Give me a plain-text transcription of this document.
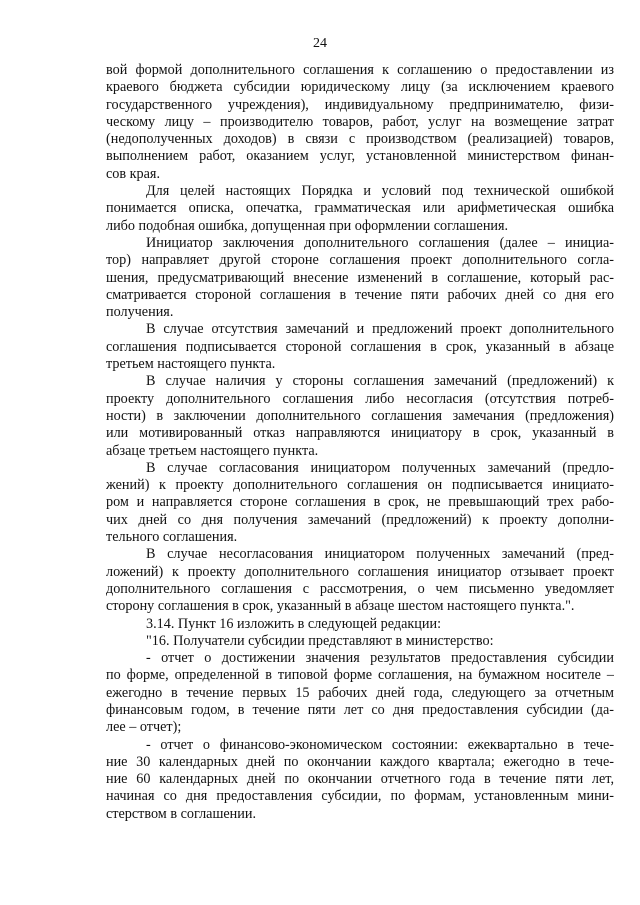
24
вой формой дополнительного соглашения к соглашению о предоставлении из
краевого бюджета субсидии юридическому лицу (за исключением краевого
государственного учреждения), индивидуальному предпринимателю, физи-
ческому лицу – производителю товаров, работ, услуг на возмещение затрат
(недополученных доходов) в связи с производством (реализацией) товаров,
выполнением работ, оказанием услуг, установленной министерством финан-
сов края.
Для целей настоящих Порядка и условий под технической ошибкой
понимается описка, опечатка, грамматическая или арифметическая ошибка
либо подобная ошибка, допущенная при оформлении соглашения.
Инициатор заключения дополнительного соглашения (далее – инициа-
тор) направляет другой стороне соглашения проект дополнительного согла-
шения, предусматривающий внесение изменений в соглашение, который рас-
сматривается стороной соглашения в течение пяти рабочих дней со дня его
получения.
В случае отсутствия замечаний и предложений проект дополнительного
соглашения подписывается стороной соглашения в срок, указанный в абзаце
третьем настоящего пункта.
В случае наличия у стороны соглашения замечаний (предложений) к
проекту дополнительного соглашения либо несогласия (отсутствия потреб-
ности) в заключении дополнительного соглашения замечания (предложения)
или мотивированный отказ направляются инициатору в срок, указанный в
абзаце третьем настоящего пункта.
В случае согласования инициатором полученных замечаний (предло-
жений) к проекту дополнительного соглашения он подписывается инициато-
ром и направляется стороне соглашения в срок, не превышающий трех рабо-
чих дней со дня получения замечаний (предложений) к проекту дополни-
тельного соглашения.
В случае несогласования инициатором полученных замечаний (пред-
ложений) к проекту дополнительного соглашения инициатор отзывает проект
дополнительного соглашения с рассмотрения, о чем письменно уведомляет
сторону соглашения в срок, указанный в абзаце шестом настоящего пункта.".
3.14. Пункт 16 изложить в следующей редакции:
"16. Получатели субсидии представляют в министерство:
- отчет о достижении значения результатов предоставления субсидии
по форме, определенной в типовой форме соглашения, на бумажном носителе –
ежегодно в течение первых 15 рабочих дней года, следующего за отчетным
финансовым годом, в течение пяти лет со дня предоставления субсидии (да-
лее – отчет);
- отчет о финансово-экономическом состоянии: ежеквартально в тече-
ние 30 календарных дней по окончании каждого квартала; ежегодно в тече-
ние 60 календарных дней по окончании отчетного года в течение пяти лет,
начиная со дня предоставления субсидии, по формам, установленным мини-
стерством в соглашении.
